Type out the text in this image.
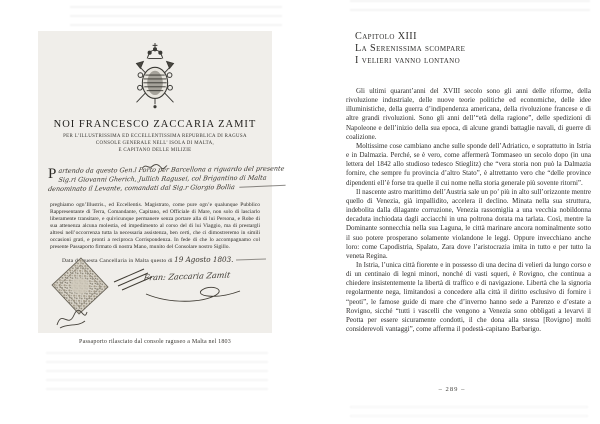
NOI FRANCESCO ZACCARIA ZAMIT
PER L’ILLUSTRISSIMA ED ECCELLENTISSIMA REPUBBLICA DI RAGUSA
CONSOLE GENERALE NELL’ ISOLA DI MALTA,
E CAPITANO DELLE MILIZIE
P artendo da questo Gen.l Porto per Barcellona a riguardo del presente
Sig.ri Giovanni Gherich, Jullich Ragusei, col Brigantino di Malta
denominato il Levante, comandati dal Sig.r Giorgio Bollia
preghiamo ogn’Illustris., ed Eccellentis. Magistrato, come pure ogn’e qualunque Pubblico Rappresentante di Terra, Comandante, Capitano, ed Officiale di Mare, non solo di lasciarlo liberamente transitare, e quivicunque permanere senza portare alla di lui Persona, e Robe di sua attenenza alcuna molestia, ed impedimento al corso del di lui Viaggio, ma di prestargli altresì nell’occorrenza tutta la necessaria assistenza, ben certi, che ci dimostreremo in simili occasioni grati, e pronti a reciproca Corrispondenza. In fede di che lo accompagnamo col presente Passaporto firmato di nostra Mano, munito del Consolare nostro Sigillo.
Data da questa Cancellaria in Malta questo dì 19 Agosto 1803.
Fran: Zaccaria Zamit
Passaporto rilasciato dal console raguseo a Malta nel 1803
Capitolo XIII
La Serenissima scompare
I velieri vanno lontano

Gli ultimi quarant’anni del XVIII secolo sono gli anni delle riforme, della rivoluzione industriale, delle nuove teorie politiche ed economiche, delle idee illuministiche, della guerra d’indipendenza americana, della rivoluzione francese e di altre grandi rivoluzioni. Sono gli anni dell’“età della ragione”, delle spedizioni di Napoleone e dell’inizio della sua epoca, di alcune grandi battaglie navali, di guerre di coalizione.

Moltissime cose cambiano anche sulle sponde dell’Adriatico, e soprattutto in Istria e in Dalmazia. Perché, se è vero, come affermerà Tommaseo un secolo dopo (in una lettera del 1842 allo studioso tedesco Stieglitz) che “vera storia non può la Dalmazia fornire, che sempre fu provincia d’altro Stato”, è altrettanto vero che “delle province dipendenti ell’è forse tra quelle il cui nome nella storia generale più sovente ritorni”.

Il nascente astro marittimo dell’Austria sale un po’ più in alto sull’orizzonte mentre quello di Venezia, già impallidito, accelera il declino. Minata nella sua struttura, indebolita dalla dilagante corruzione, Venezia rassomiglia a una vecchia nobildonna decaduta inchiodata dagli acciacchi in una poltrona dorata ma tarlata. Così, mentre la Dominante sonnecchia nella sua Laguna, le città marinare ancora nominalmente sotto il suo potere prosperano solamente violandone le leggi. Oppure invecchiano anche loro: come Capodistria, Spalato, Zara dove l’aristocrazia imita in tutto e per tutto la veneta Regina.

In Istria, l’unica città fiorente e in possesso di una decina di velieri da lungo corso e di un centinaio di legni minori, nonché di vasti squeri, è Rovigno, che continua a chiedere insistentemente la libertà di traffico e di navigazione. Libertà che la signoria regolarmente nega, limitandosi a concedere alla città il diritto esclusivo di fornire i “peoti”, le famose guide di mare che d’inverno hanno sede a Parenzo e d’estate a Rovigno, sicché “tutti i vascelli che vengono a Venezia sono obbligati a levarvi il Peotta per essere sicuramente condotti, il che dona alla stessa [Rovigno] molti considerevoli vantaggi”, come afferma il podestà-capitano Barbarigo.

– 289 –
